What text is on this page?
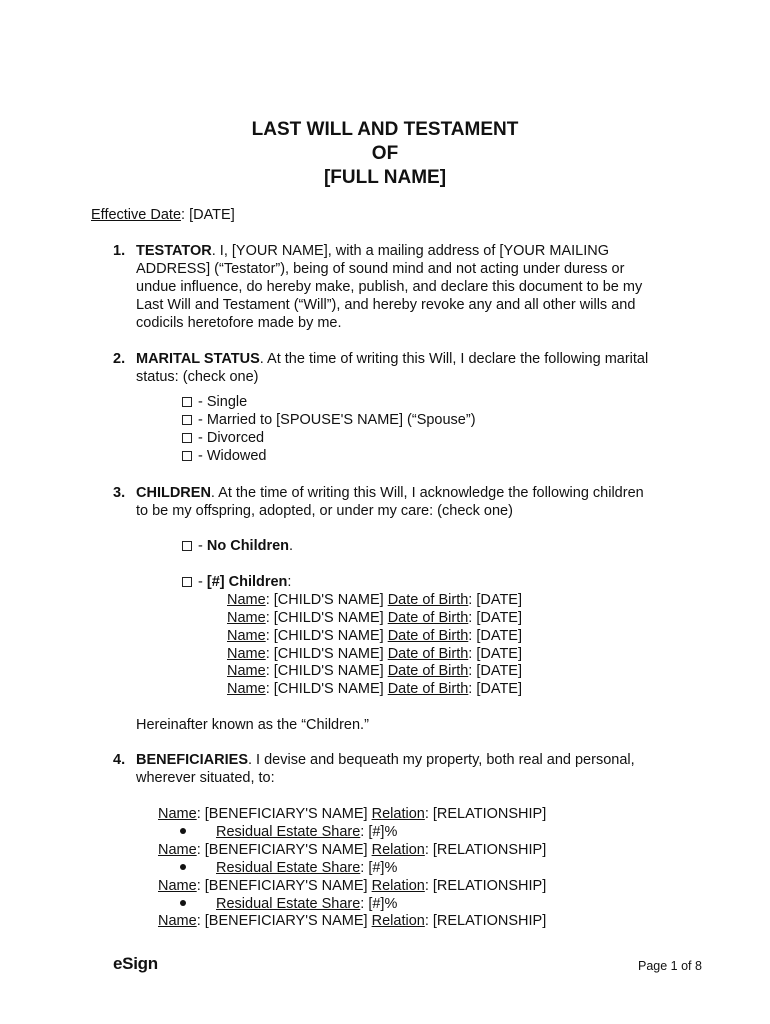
LAST WILL AND TESTAMENT
OF
[FULL NAME]
Effective Date: [DATE]
1. TESTATOR. I, [YOUR NAME], with a mailing address of [YOUR MAILING
ADDRESS] (“Testator”), being of sound mind and not acting under duress or
undue influence, do hereby make, publish, and declare this document to be my
Last Will and Testament (“Will”), and hereby revoke any and all other wills and
codicils heretofore made by me.
2. MARITAL STATUS. At the time of writing this Will, I declare the following marital
status: (check one)
- Single
- Married to [SPOUSE'S NAME] (“Spouse”)
- Divorced
- Widowed
3. CHILDREN. At the time of writing this Will, I acknowledge the following children
to be my offspring, adopted, or under my care: (check one)
- No Children.
- [#] Children:
Name: [CHILD'S NAME] Date of Birth: [DATE]
Name: [CHILD'S NAME] Date of Birth: [DATE]
Name: [CHILD'S NAME] Date of Birth: [DATE]
Name: [CHILD'S NAME] Date of Birth: [DATE]
Name: [CHILD'S NAME] Date of Birth: [DATE]
Name: [CHILD'S NAME] Date of Birth: [DATE]
Hereinafter known as the “Children.”
4. BENEFICIARIES. I devise and bequeath my property, both real and personal,
wherever situated, to:
Name: [BENEFICIARY'S NAME] Relation: [RELATIONSHIP]
Residual Estate Share: [#]%
Name: [BENEFICIARY'S NAME] Relation: [RELATIONSHIP]
Residual Estate Share: [#]%
Name: [BENEFICIARY'S NAME] Relation: [RELATIONSHIP]
Residual Estate Share: [#]%
Name: [BENEFICIARY'S NAME] Relation: [RELATIONSHIP]
eSign	Page 1 of 8
